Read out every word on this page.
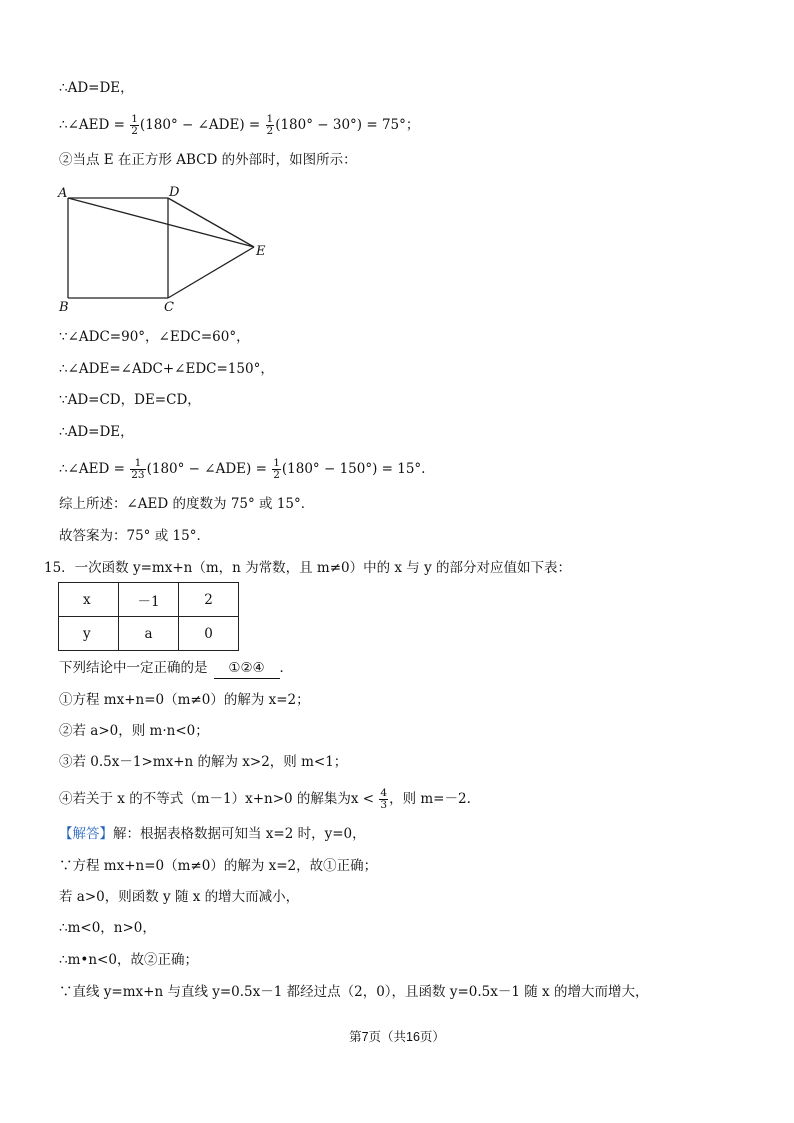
∴AD=DE，
∴∠AED = $\frac{1}{2} (180^\circ$ − ∠ADE) = $\frac{1}{2} (180^\circ - 30^\circ) = 75^\circ$；
②当点 E 在正方形 ABCD 的外部时，如图所示：
A	D
E
B	C
∵∠ADC=90°，∠EDC=60°，
∴∠ADE=∠ADC+∠EDC=150°，
∵AD=CD，DE=CD，
∴AD=DE，
∴∠AED = $\frac{1}{23} (180^\circ$ − ∠ADE) = $\frac{1}{2} (180^\circ - 150^\circ) = 15^\circ$.
综上所述：∠AED 的度数为 75° 或 15°．
故答案为：75° 或 15°．
15．一次函数 y=mx+n（m，n 为常数，且 m≠0）中的 x 与 y 的部分对应值如下表：
x	－1	2
y	a	0
下列结论中一定正确的是 ①②④ ．
①方程 mx+n=0（m≠0）的解为 x=2；
②若 a>0，则 m·n<0；
③若 0.5x－1>mx+n 的解为 x>2，则 m<1；
④若关于 x 的不等式（m－1）x+n>0 的解集为$x < \frac{4}{3}$ ，则 m=－2.
【解答】解：根据表格数据可知当 x=2 时，y=0，
∵方程 mx+n=0（m≠0）的解为 x=2，故①正确；
若 a>0，则函数 y 随 x 的增大而减小，
∴m<0，n>0，
∴m•n<0，故②正确；
∵直线 y=mx+n 与直线 y=0.5x－1 都经过点（2，0），且函数 y=0.5x－1 随 x 的增大而增大，
第7页（共16页）
